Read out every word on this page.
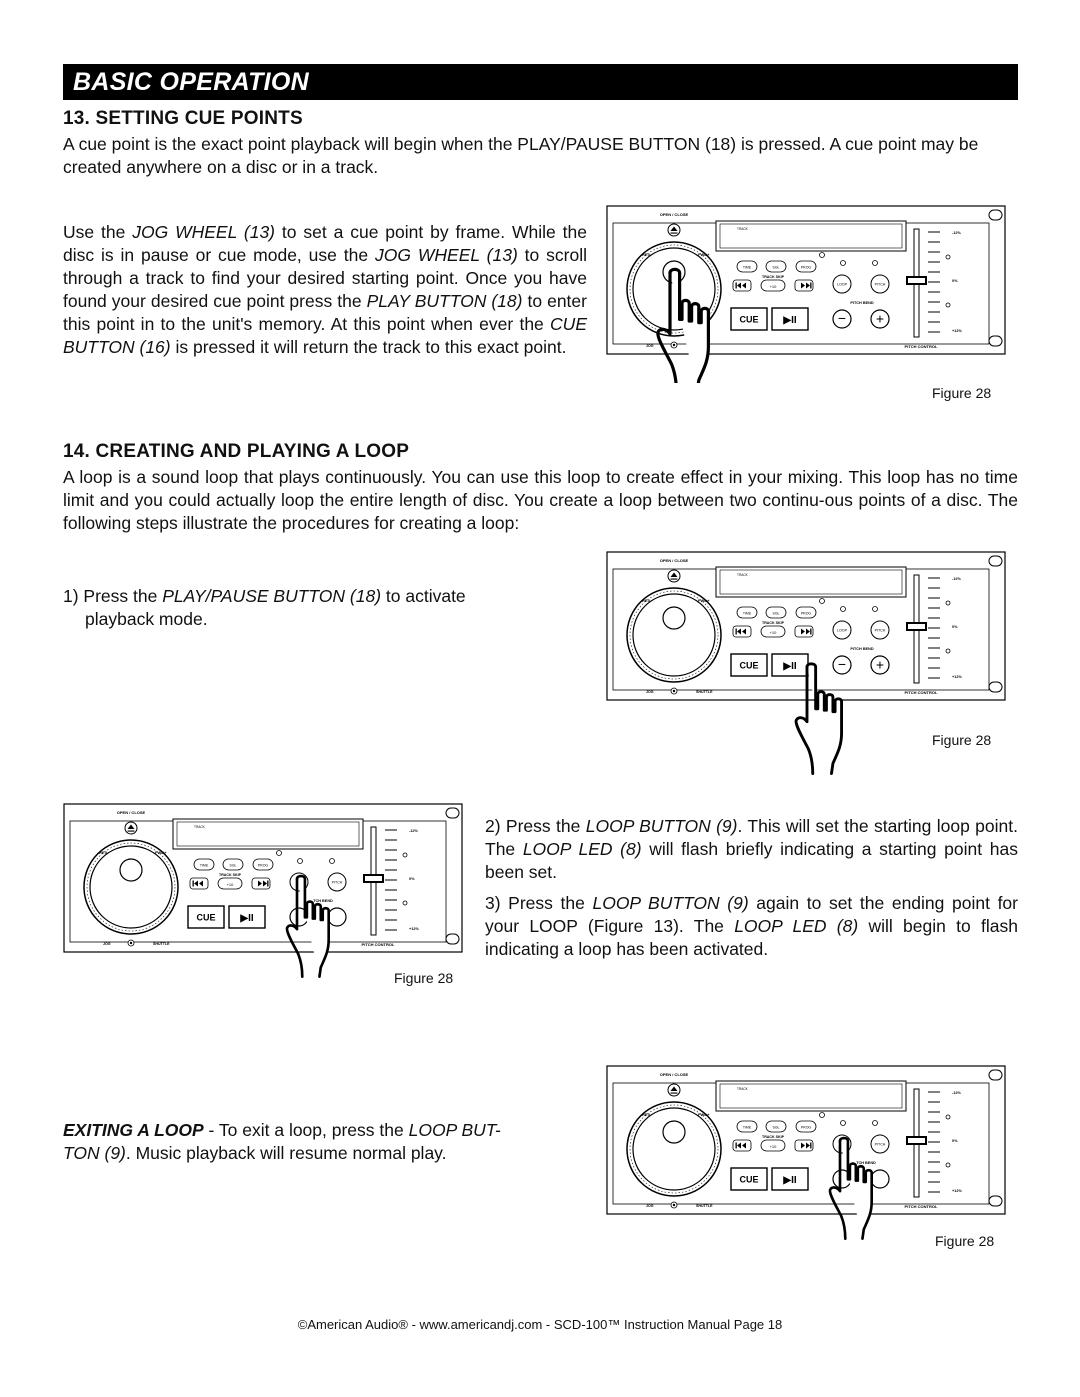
BASIC OPERATION
13. SETTING CUE POINTS

A cue point is the exact point playback will begin when the PLAY/PAUSE BUTTON (18) is pressed. A cue point may be created anywhere on a disc or in a track.

Use the JOG WHEEL (13) to set a cue point by frame. While the disc is in pause or cue mode, use the JOG WHEEL (13) to scroll through a track to find your desired starting point. Once you have found your desired cue point press the PLAY BUTTON (18) to enter this point in to the unit's memory. At this point when ever the CUE BUTTON (16) is pressed it will return the track to this exact point.

OPEN / CLOSE
REV-	FWD+
TRACK
TIME	SGL	PROG
TRACK SKIP
+10	LOOP	PITCH
PITCH BEND
CUE ▶II	− +
-12%
0%
+12%
PITCH CONTROL
JOG
Figure 28
14. CREATING AND PLAYING A LOOP

A loop is a sound loop that plays continuously. You can use this loop to create effect in your mixing. This loop has no time limit and you could actually loop the entire length of disc. You create a loop between two continu-ous points of a disc. The following steps illustrate the procedures for creating a loop:

1) Press the PLAY/PAUSE BUTTON (18) to activate
playback mode.

OPEN / CLOSE
REV-	FWD+
TRACK
TIME	SGL	PROG
TRACK SKIP
+10	LOOP	PITCH
PITCH BEND
CUE ▶II	− +
-12%
0%
+12%
PITCH CONTROL
JOG	SHUTTLE
Figure 28
OPEN / CLOSE
REV-	FWD+
TRACK
TIME	SGL	PROG
TRACK SKIP
+10	PITCH
TCH BEND
CUE ▶II
-12%
0%
+12%
PITCH CONTROL
JOG	SHUTTLE
Figure 28

2) Press the LOOP BUTTON (9). This will set the starting loop point. The LOOP LED (8) will flash briefly indicating a starting point has been set.

3) Press the LOOP BUTTON (9) again to set the ending point for your LOOP (Figure 13). The LOOP LED (8) will begin to flash indicating a loop has been activated.

EXITING A LOOP - To exit a loop, press the LOOP BUT-
TON (9). Music playback will resume normal play.

OPEN / CLOSE
REV-	FWD+
TRACK
TIME	SGL	PROG
TRACK SKIP
+10	PITCH
TCH BEND
CUE ▶II
-12%
0%
+12%
PITCH CONTROL
JOG	SHUTTLE
Figure 28
©American Audio® - www.americandj.com - SCD-100™ Instruction Manual Page 18
